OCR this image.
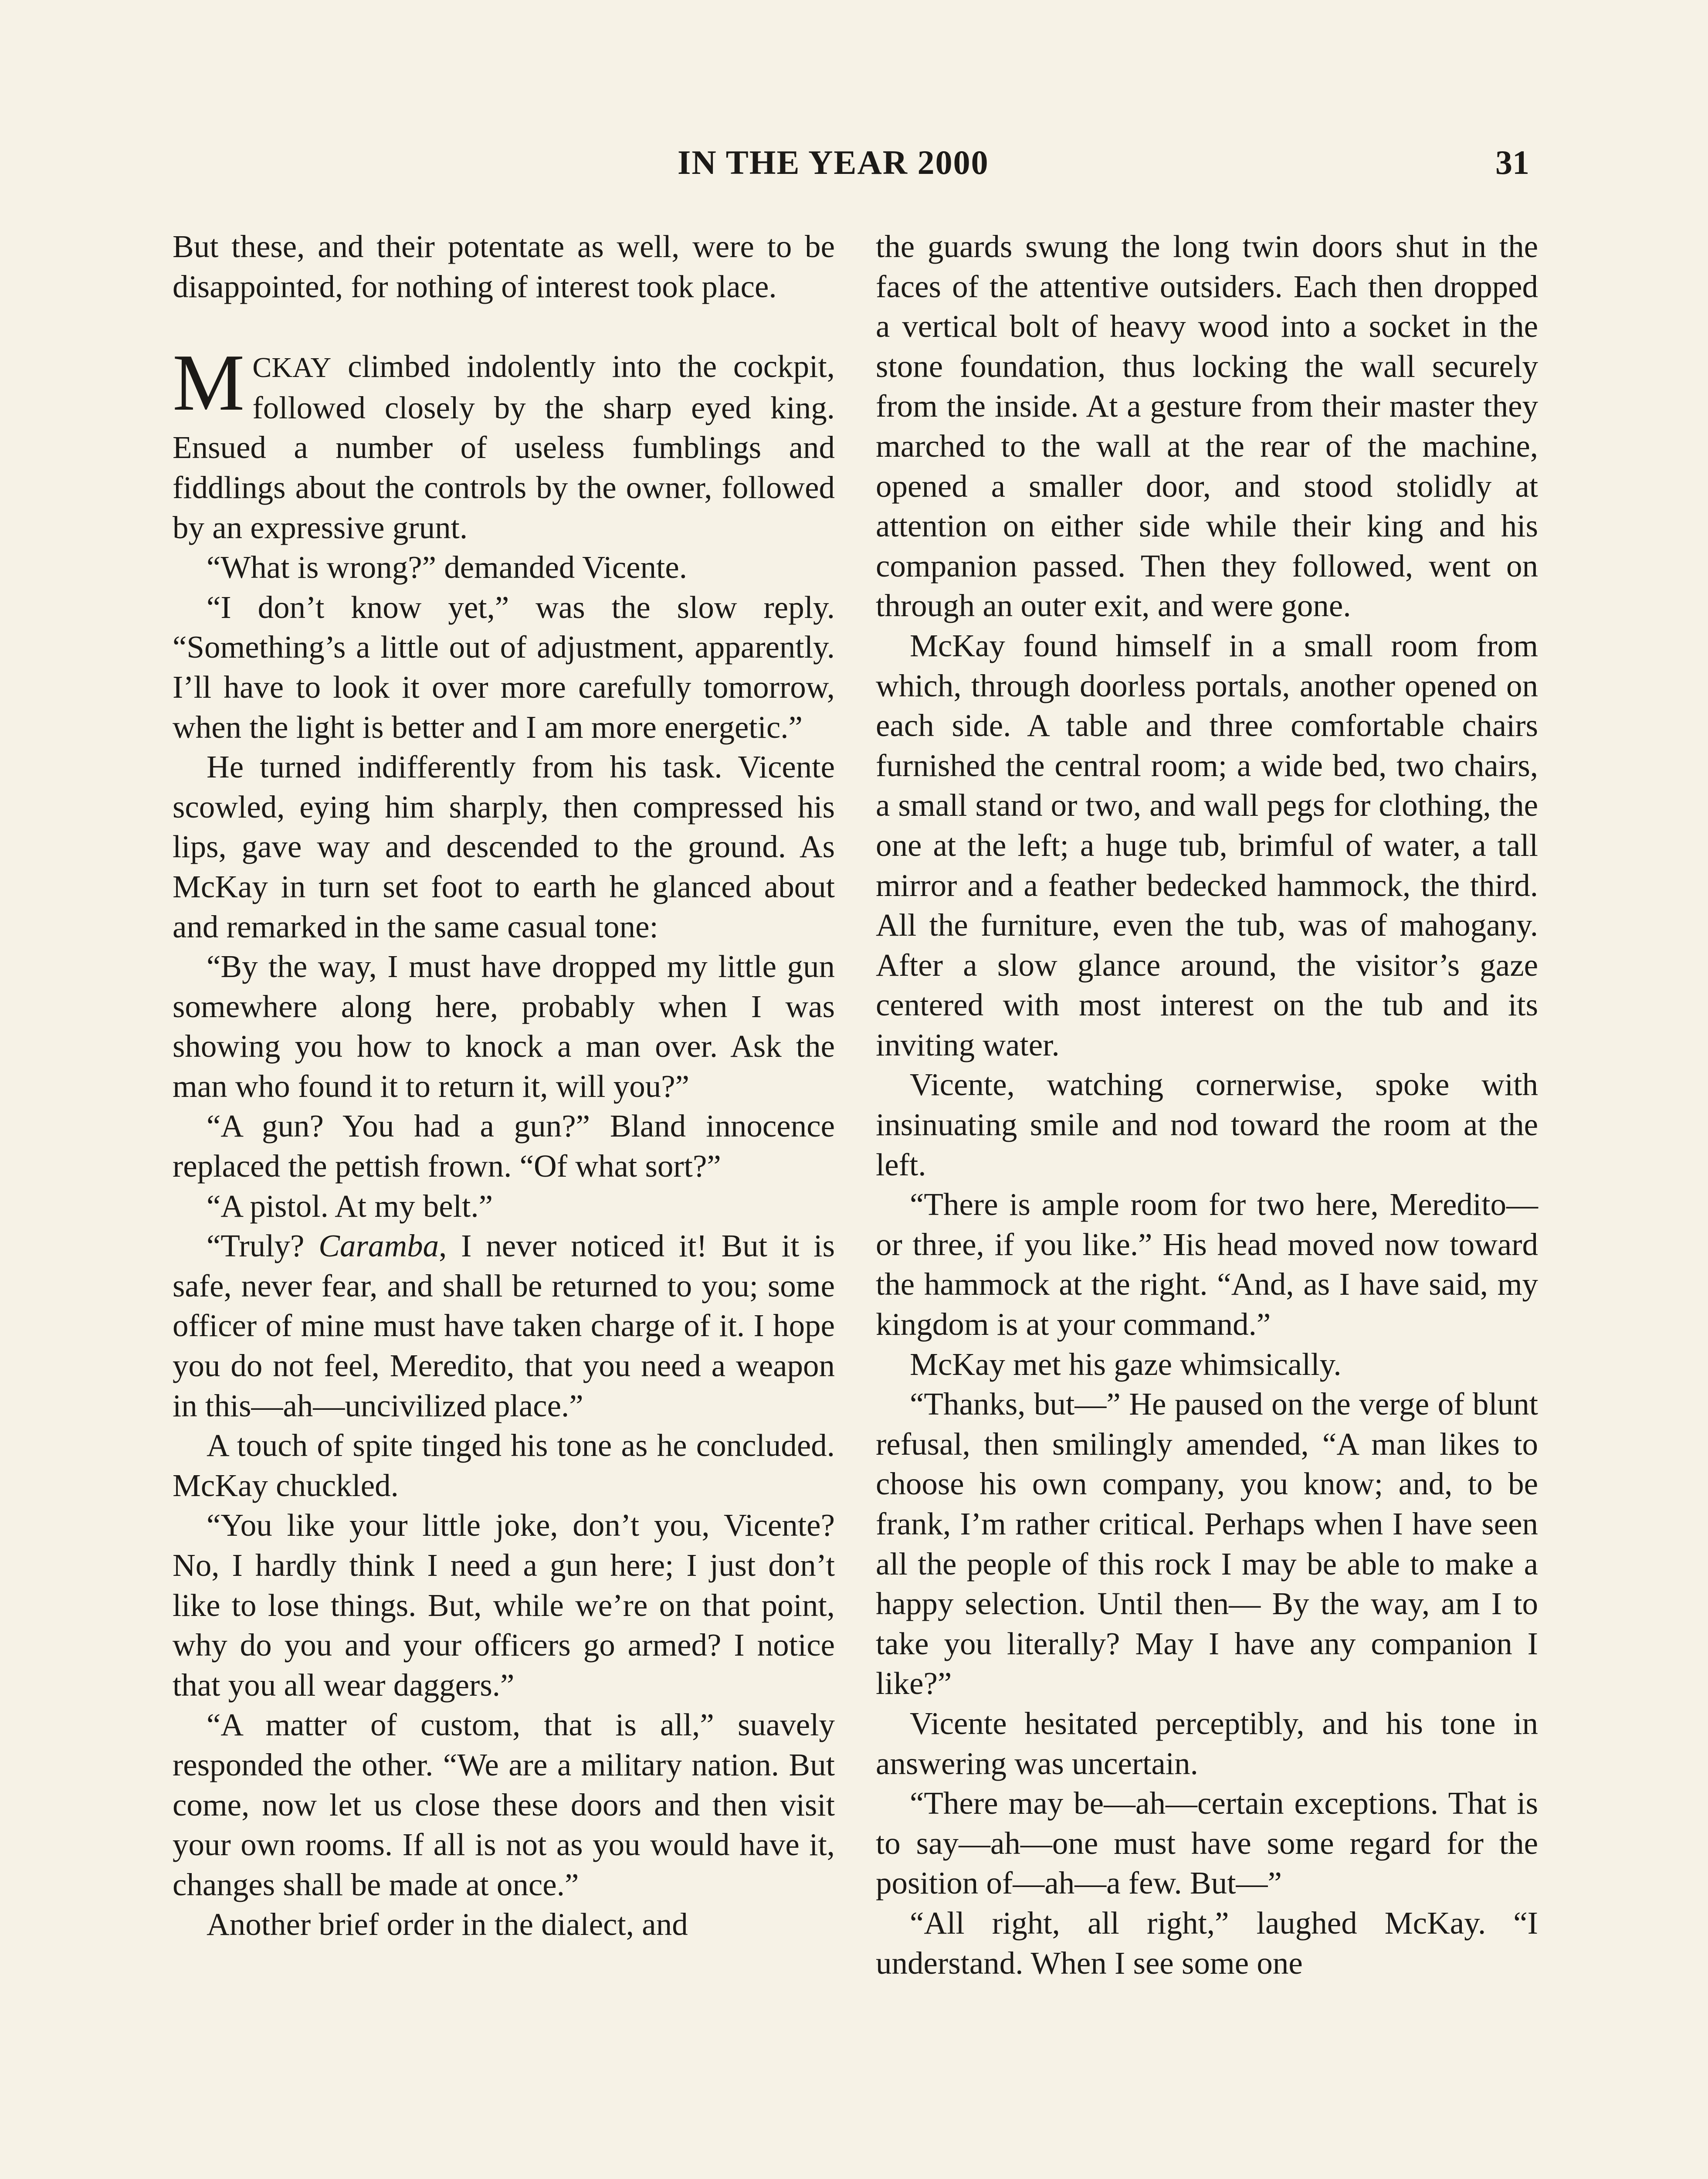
IN THE YEAR 2000	31

But these, and their potentate as well, were to be disappointed, for nothing of interest took place.

MCKAY climbed indolently into the cockpit, followed closely by the sharp eyed king. Ensued a number of useless fumblings and fiddlings about the controls by the owner, followed by an expressive grunt.

“What is wrong?” demanded Vicente.

“I don’t know yet,” was the slow reply. “Something’s a little out of adjustment, apparently. I’ll have to look it over more carefully tomorrow, when the light is better and I am more energetic.”

He turned indifferently from his task. Vicente scowled, eying him sharply, then compressed his lips, gave way and descended to the ground. As McKay in turn set foot to earth he glanced about and remarked in the same casual tone:

“By the way, I must have dropped my little gun somewhere along here, probably when I was showing you how to knock a man over. Ask the man who found it to return it, will you?”

“A gun? You had a gun?” Bland innocence replaced the pettish frown. “Of what sort?”

“A pistol. At my belt.”

“Truly? Caramba, I never noticed it! But it is safe, never fear, and shall be returned to you; some officer of mine must have taken charge of it. I hope you do not feel, Meredito, that you need a weapon in this—ah—uncivilized place.”

A touch of spite tinged his tone as he concluded. McKay chuckled.

“You like your little joke, don’t you, Vicente? No, I hardly think I need a gun here; I just don’t like to lose things. But, while we’re on that point, why do you and your officers go armed? I notice that you all wear daggers.”

“A matter of custom, that is all,” suavely responded the other. “We are a military nation. But come, now let us close these doors and then visit your own rooms. If all is not as you would have it, changes shall be made at once.”

Another brief order in the dialect, and

the guards swung the long twin doors shut in the faces of the attentive outsiders. Each then dropped a vertical bolt of heavy wood into a socket in the stone foundation, thus locking the wall securely from the inside. At a gesture from their master they marched to the wall at the rear of the machine, opened a smaller door, and stood stolidly at attention on either side while their king and his companion passed. Then they followed, went on through an outer exit, and were gone.

McKay found himself in a small room from which, through doorless portals, another opened on each side. A table and three comfortable chairs furnished the central room; a wide bed, two chairs, a small stand or two, and wall pegs for clothing, the one at the left; a huge tub, brimful of water, a tall mirror and a feather bedecked hammock, the third. All the furniture, even the tub, was of mahogany. After a slow glance around, the visitor’s gaze centered with most interest on the tub and its inviting water.

Vicente, watching cornerwise, spoke with insinuating smile and nod toward the room at the left.

“There is ample room for two here, Meredito—or three, if you like.” His head moved now toward the hammock at the right. “And, as I have said, my kingdom is at your command.”

McKay met his gaze whimsically.

“Thanks, but—” He paused on the verge of blunt refusal, then smilingly amended, “A man likes to choose his own company, you know; and, to be frank, I’m rather critical. Perhaps when I have seen all the people of this rock I may be able to make a happy selection. Until then— By the way, am I to take you literally? May I have any companion I like?”

Vicente hesitated perceptibly, and his tone in answering was uncertain.

“There may be—ah—certain exceptions. That is to say—ah—one must have some regard for the position of—ah—a few. But—”

“All right, all right,” laughed McKay. “I understand. When I see some one
